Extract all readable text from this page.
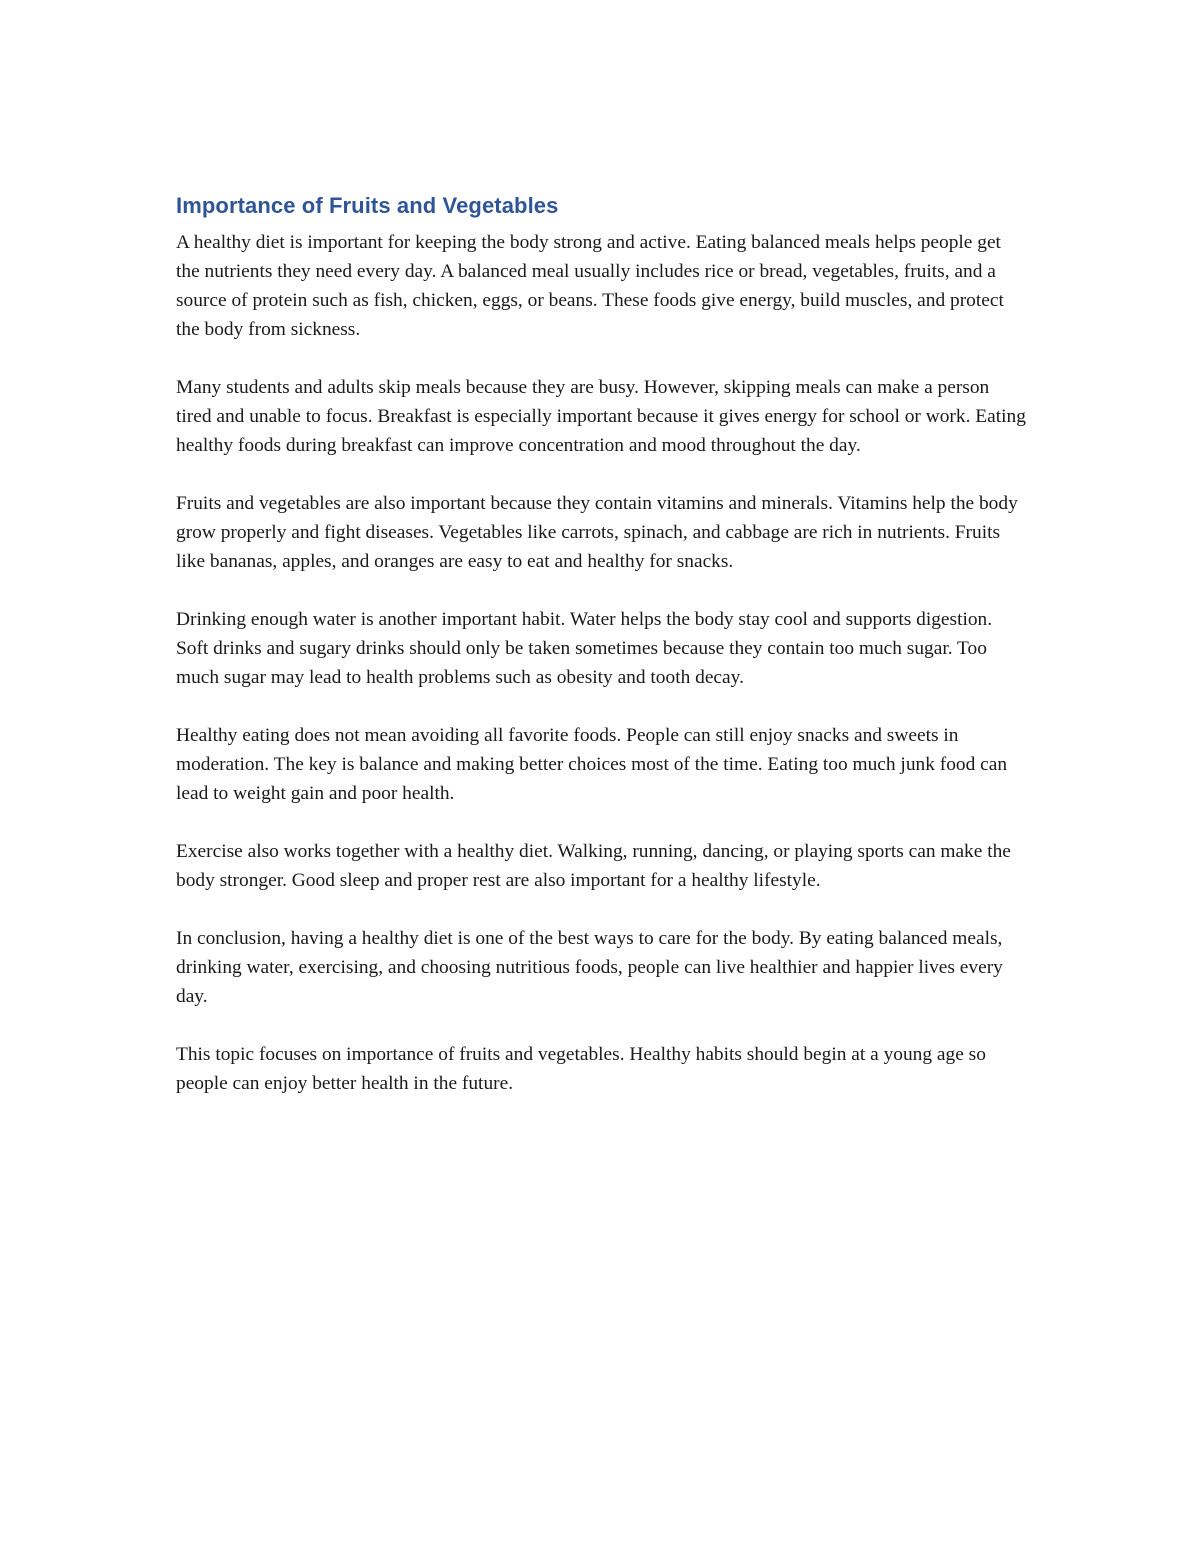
Importance of Fruits and Vegetables

A healthy diet is important for keeping the body strong and active. Eating balanced meals helps people get the nutrients they need every day. A balanced meal usually includes rice or bread, vegetables, fruits, and a source of protein such as fish, chicken, eggs, or beans. These foods give energy, build muscles, and protect the body from sickness.

Many students and adults skip meals because they are busy. However, skipping meals can make a person tired and unable to focus. Breakfast is especially important because it gives energy for school or work. Eating healthy foods during breakfast can improve concentration and mood throughout the day.

Fruits and vegetables are also important because they contain vitamins and minerals. Vitamins help the body grow properly and fight diseases. Vegetables like carrots, spinach, and cabbage are rich in nutrients. Fruits like bananas, apples, and oranges are easy to eat and healthy for snacks.

Drinking enough water is another important habit. Water helps the body stay cool and supports digestion. Soft drinks and sugary drinks should only be taken sometimes because they contain too much sugar. Too much sugar may lead to health problems such as obesity and tooth decay.

Healthy eating does not mean avoiding all favorite foods. People can still enjoy snacks and sweets in moderation. The key is balance and making better choices most of the time. Eating too much junk food can lead to weight gain and poor health.

Exercise also works together with a healthy diet. Walking, running, dancing, or playing sports can make the body stronger. Good sleep and proper rest are also important for a healthy lifestyle.

In conclusion, having a healthy diet is one of the best ways to care for the body. By eating balanced meals, drinking water, exercising, and choosing nutritious foods, people can live healthier and happier lives every day.

This topic focuses on importance of fruits and vegetables. Healthy habits should begin at a young age so people can enjoy better health in the future.
